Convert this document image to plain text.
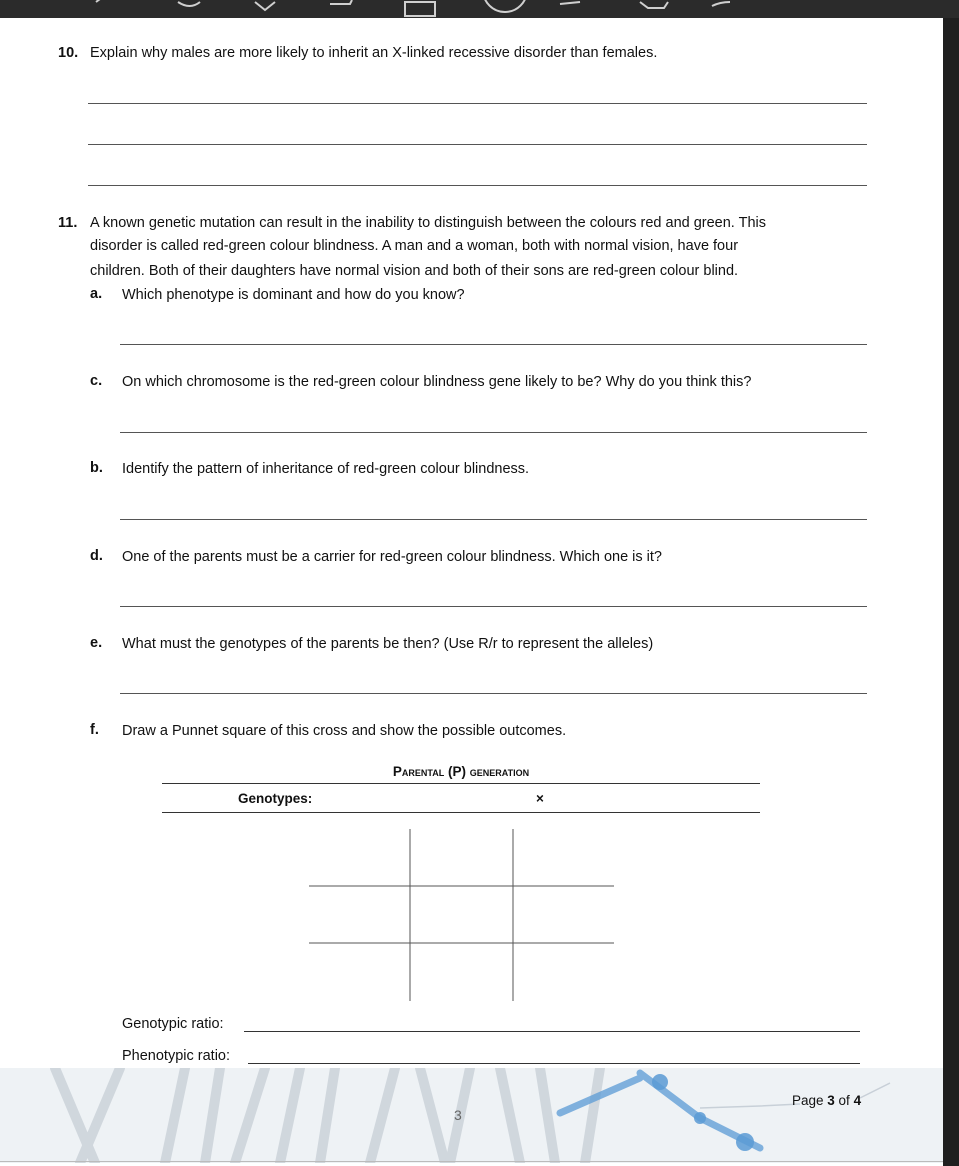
10. Explain why males are more likely to inherit an X-linked recessive disorder than females.
11. A known genetic mutation can result in the inability to distinguish between the colours red and green. This
disorder is called red-green colour blindness. A man and a woman, both with normal vision, have four
children. Both of their daughters have normal vision and both of their sons are red-green colour blind.
a. Which phenotype is dominant and how do you know?
c. On which chromosome is the red-green colour blindness gene likely to be? Why do you think this?
b. Identify the pattern of inheritance of red-green colour blindness.
d. One of the parents must be a carrier for red-green colour blindness. Which one is it?
e. What must the genotypes of the parents be then? (Use R/r to represent the alleles)
f. Draw a Punnet square of this cross and show the possible outcomes.
Parental (P) generation
Genotypes:	×
Genotypic ratio:
Phenotypic ratio:
3
Page 3 of 4
